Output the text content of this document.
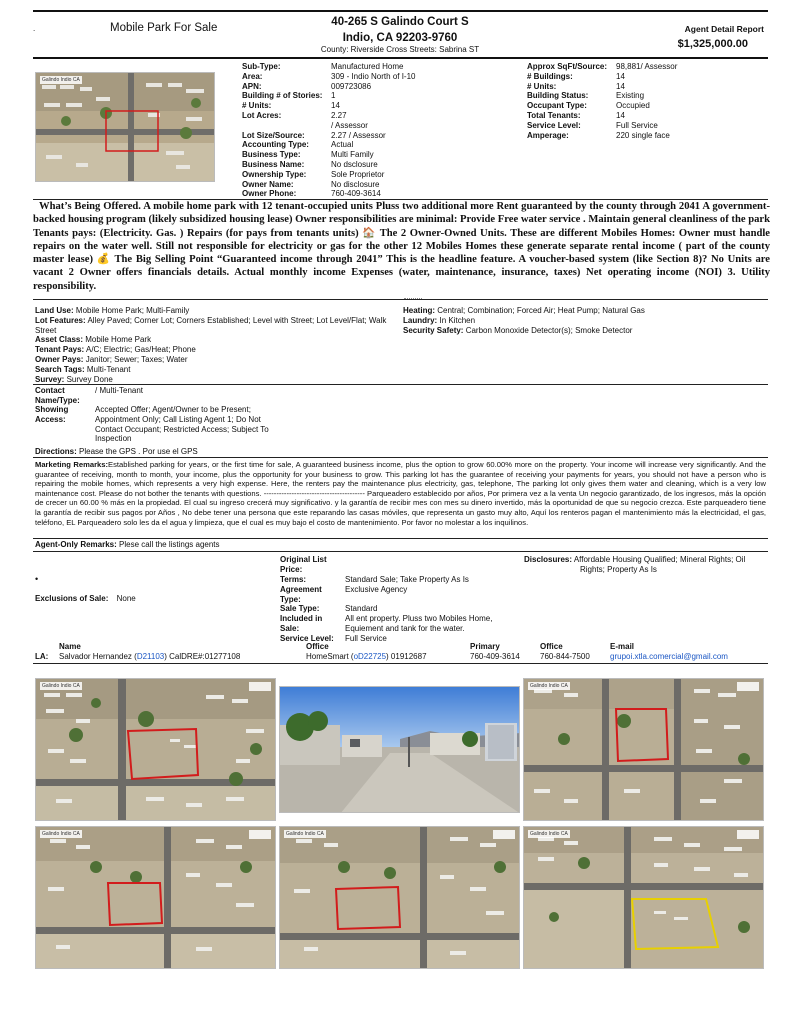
.	Mobile Park For Sale	40-265 S Galindo Court S
Indio, CA 92203-9760
County: Riverside Cross Streets: Sabrina ST
Agent Detail Report
$1,325,000.00
Galindo Indio CA
Sub-Type:	Manufactured Home
Area:	309 - Indio North of I-10
APN:	009723086
Building # of Stories:	1
# Units:	14
Lot Acres:	2.27
/ Assessor
Lot Size/Source:	2.27 / Assessor
Accounting Type:	Actual
Business Type:	Multi Family
Business Name:	No dsclosure
Ownership Type:	Sole Proprietor
Owner Name:	No disclosure
Owner Phone:	760-409-3614
Approx SqFt/Source:	98,881/ Assessor
# Buildings:	14
# Units:	14
Building Status:	Existing
Occupant Type:	Occupied
Total Tenants:	14
Service Level:	Full Service
Amperage:	220 single face
What’s Being Offered. A mobile home park with 12 tenant-occupied units Pluss two additional more Rent guaranteed by the county through 2041 A government-backed housing program (likely subsidized housing lease) Owner responsibilities are minimal: Provide Free water service . Maintain general cleanliness of the park Tenants pays: (Electricity. Gas. ) Repairs (for pays from tenants units) 🏠 The 2 Owner-Owned Units. These are different Mobiles Homes: Owner must handle repairs on the water well. Still not responsible for electricity or gas for the other 12 Mobiles Homes these generate separate rental income ( part of the county master lease) 💰 The Big Selling Point “Guaranteed income through 2041” This is the headline feature. A voucher-based system (like Section 8)? No Units are vacant 2 Owner offers financials details. Actual monthly income Expenses (water, maintenance, insurance, taxes) Net operating income (NOI) 3. Utility responsibility.
Land Use: Mobile Home Park; Multi-Family
Lot Features: Alley Paved; Corner Lot; Corners Established; Level with Street; Lot Level/Flat; Walk Street
Asset Class: Mobile Home Park
Tenant Pays: A/C; Electric; Gas/Heat; Phone
Owner Pays: Janitor; Sewer; Taxes; Water
Search Tags: Multi-Tenant
Survey: Survey Done
Heating: Central; Combination; Forced Air; Heat Pump; Natural Gas
Laundry: In Kitchen
Security Safety: Carbon Monoxide Detector(s); Smoke Detector
Contact
Name/Type:
/ Multi-Tenant
Showing
Access:
Accepted Offer; Agent/Owner to be Present; Appointment Only; Call Listing Agent 1; Do Not Contact Occupant; Restricted Access; Subject To Inspection
Directions: Please the GPS . Por use el GPS
Marketing Remarks:Established parking for years, or the first time for sale, A guaranteed business income, plus the option to grow 60.00% more on the property. Your income will increase very significantly. And the guarantee of receiving, month to month, your income, plus the opportunity for your business to grow. This parking lot has the guarantee of receiving your payments for years, you should not have a person who is repairing the mobile homes, which represents a very high expense. Here, the renters pay the maintenance plus electricity, gas, telephone, The parking lot only gives them water and cleaning, which is a very low maintenance cost. Please do not bother the tenants with questions. ---------------------------------------- Parqueadero establecido por años, Por primera vez a la venta Un negocio garantizado, de los ingresos, más la opción de crecer un 60.00 % más en la propiedad. El cual su ingreso crecerá muy significativo. y la garantía de recibir mes con mes su dinero invertido, más la oportunidad de que su negocio crezca. Este parqueadero tiene la garantía de recibir sus pagos por Años , No debe tener una persona que este reparando las casas móviles, que representa un gasto muy alto, Aquí los renteros pagan el mantenimiento más la electricidad, el gas, teléfono, EL Parqueadero solo les da el agua y limpieza, que el cual es muy bajo el costo de mantenimiento. Por favor no molestar a los inquilinos.
Agent-Only Remarks: Plese call the listings agents
•
Exclusions of Sale: None
Original List
Price:
Terms:	Standard Sale; Take Property As Is
Agreement	Exclusive Agency
Type:
Sale Type:	Standard
Included in	All ent property. Pluss two Mobiles Home,
Sale:	Equiement and tank for the water.
Service Level:	Full Service
Disclosures: Affordable Housing Qualified; Mineral Rights; Oil
Rights; Property As Is
Name	Office	Primary	Office	E-mail
LA: Salvador Hernandez (D21103) CalDRE#:01277108	HomeSmart (oD22725) 01912687	760-409-3614	760-844-7500	grupoi.xtla.comercial@gmail.com
Galindo Indio CA	Galindo Indio CA
Galindo Indio CA	Galindo Indio CA	Galindo Indio CA
